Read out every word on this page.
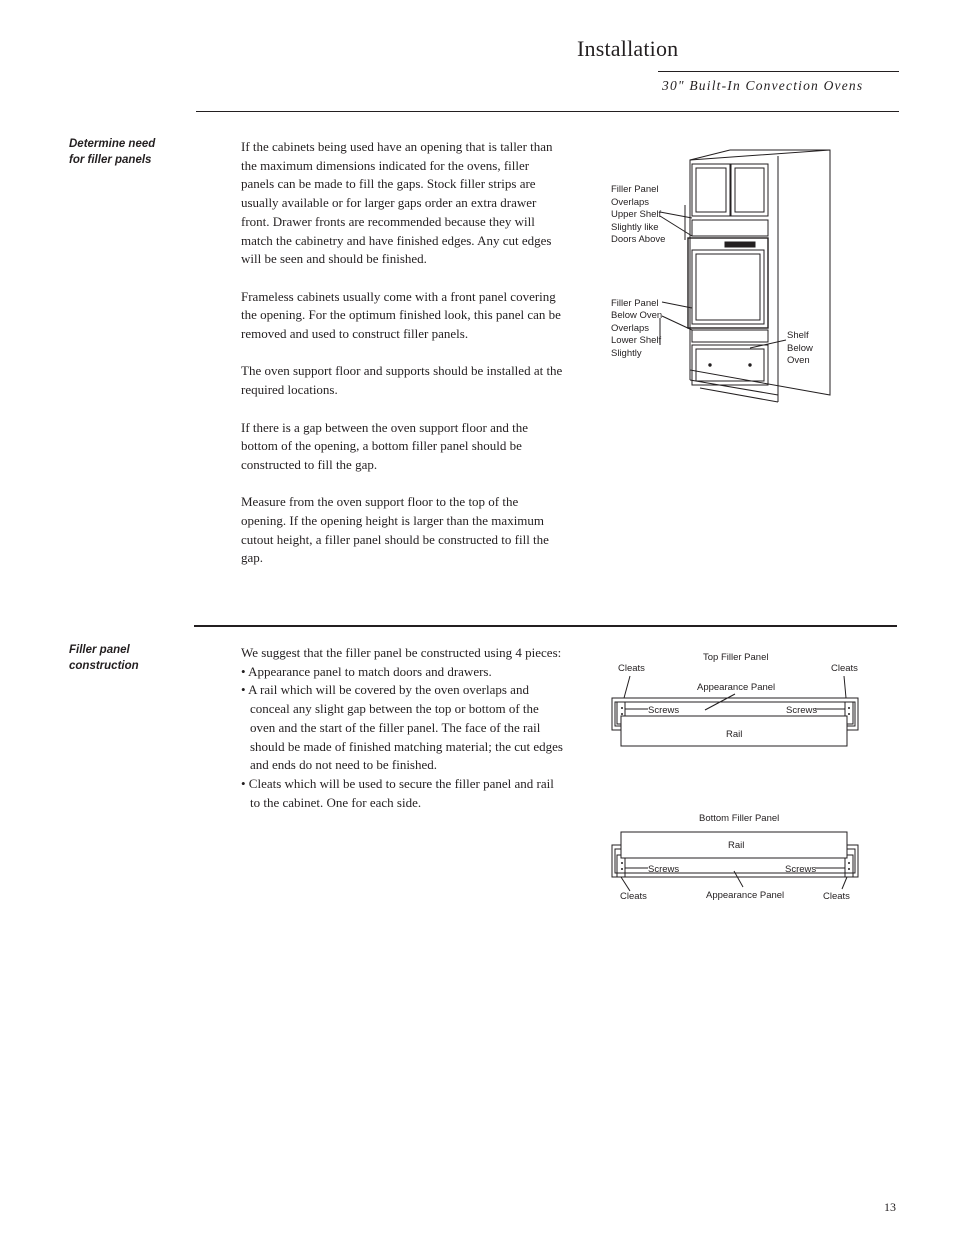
Installation
30" Built-In Convection Ovens
Determine need for filler panels

If the cabinets being used have an opening that is taller than the maximum dimensions indicated for the ovens, filler panels can be made to fill the gaps. Stock filler strips are usually available or for larger gaps order an extra drawer front. Drawer fronts are recommended because they will match the cabinetry and have finished edges. Any cut edges will be seen and should be finished.

Frameless cabinets usually come with a front panel covering the opening. For the optimum finished look, this panel can be removed and used to construct filler panels.

The oven support floor and supports should be installed at the required locations.

If there is a gap between the oven support floor and the bottom of the opening, a bottom filler panel should be constructed to fill the gap.

Measure from the oven support floor to the top of the opening. If the opening height is larger than the maximum cutout height, a filler panel should be constructed to fill the gap.

Filler Panel
Overlaps
Upper Shelf
Slightly like
Doors Above
Filler Panel
Below Oven
Overlaps
Lower Shelf
Slightly
Shelf
Below
Oven
Filler panel construction

We suggest that the filler panel be constructed using 4 pieces:

• Appearance panel to match doors and drawers.

• A rail which will be covered by the oven overlaps and conceal any slight gap between the top or bottom of the oven and the start of the filler panel. The face of the rail should be made of finished matching material; the cut edges and ends do not need to be finished.

• Cleats which will be used to secure the filler panel and rail to the cabinet. One for each side.

Top Filler Panel
Cleats	Cleats
Appearance Panel
Screws	Screws
Rail
Bottom Filler Panel
Rail
Screws	Screws
Cleats	Appearance Panel	Cleats
13
